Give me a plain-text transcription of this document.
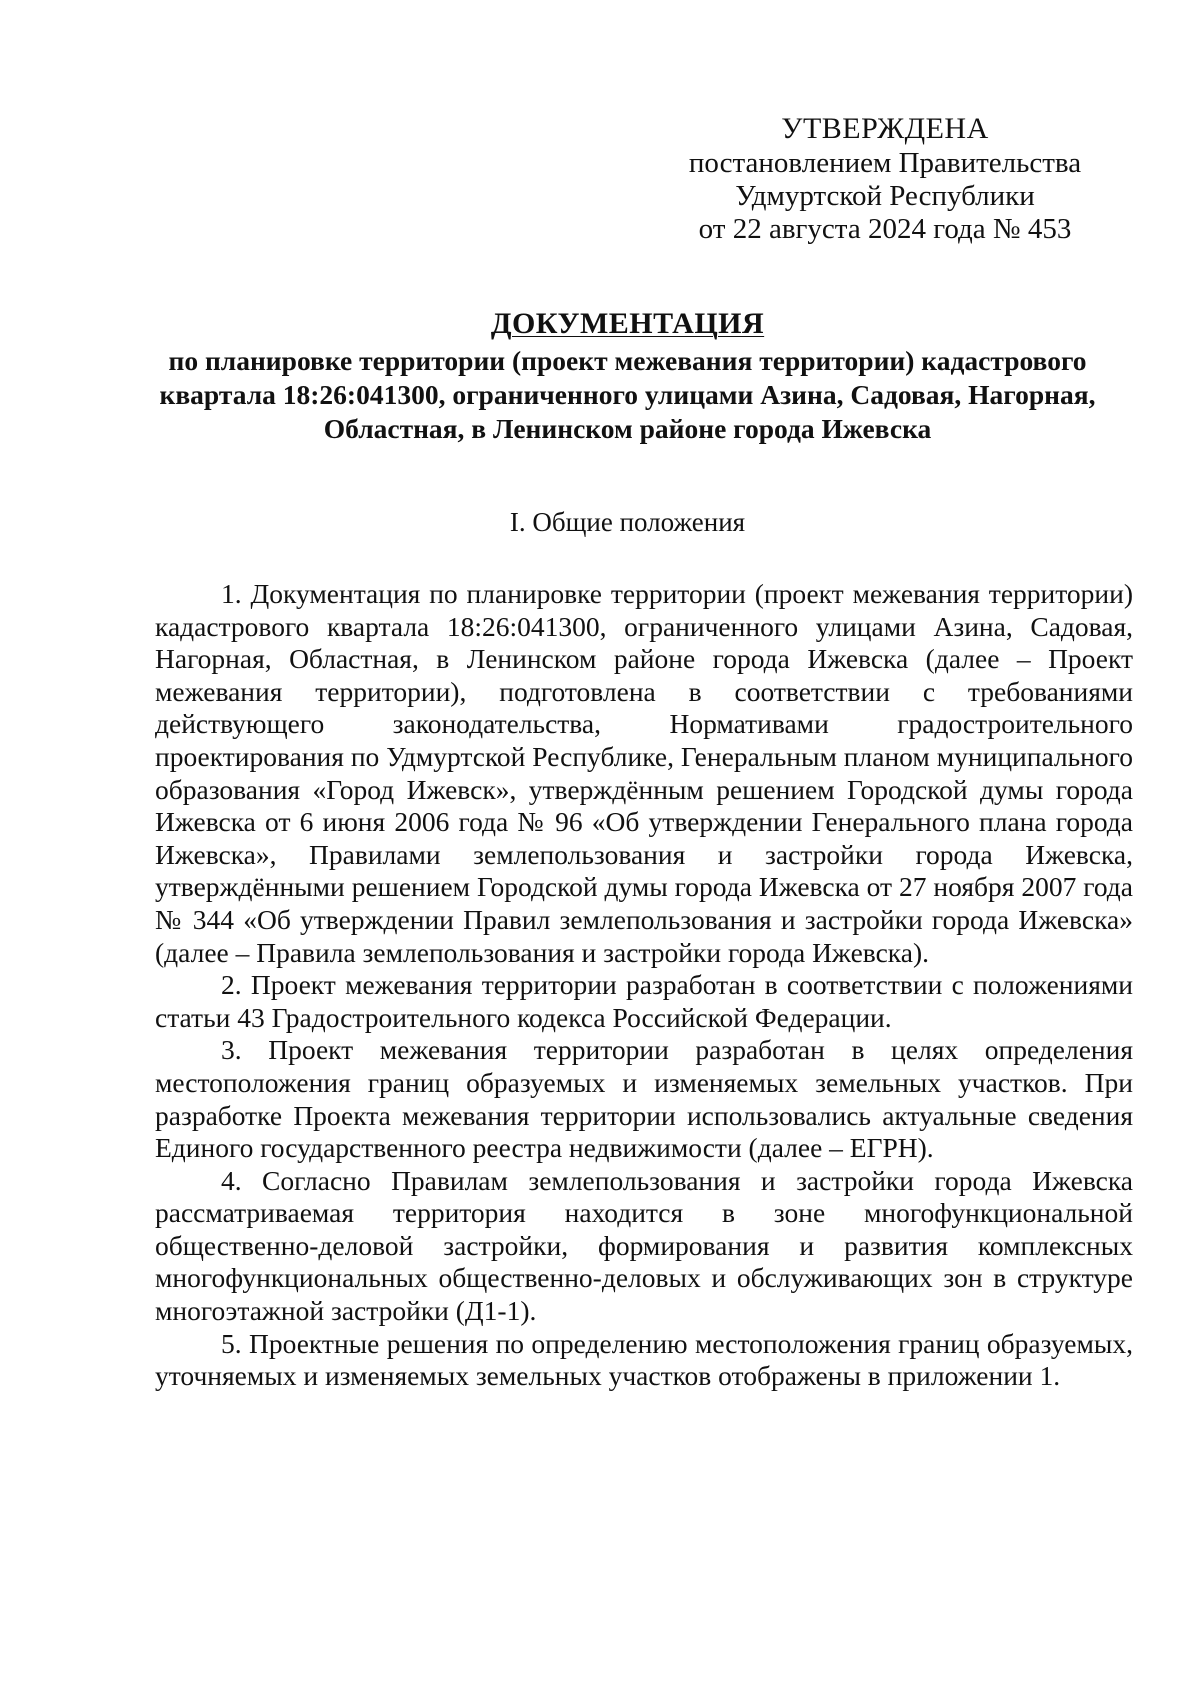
УТВЕРЖДЕНА
постановлением Правительства
Удмуртской Республики
от 22 августа 2024 года № 453
ДОКУМЕНТАЦИЯ
по планировке территории (проект межевания территории) кадастрового квартала 18:26:041300, ограниченного улицами Азина, Садовая, Нагорная, Областная, в Ленинском районе города Ижевска
I. Общие положения

1. Документация по планировке территории (проект межевания территории) кадастрового квартала 18:26:041300, ограниченного улицами Азина, Садовая, Нагорная, Областная, в Ленинском районе города Ижевска (далее – Проект межевания территории), подготовлена в соответствии с требованиями действующего законодательства, Нормативами градостроительного проектирования по Удмуртской Республике, Генеральным планом муниципального образования «Город Ижевск», утверждённым решением Городской думы города Ижевска от 6 июня 2006 года № 96 «Об утверждении Генерального плана города Ижевска», Правилами землепользования и застройки города Ижевска, утверждёнными решением Городской думы города Ижевска от 27 ноября 2007 года № 344 «Об утверждении Правил землепользования и застройки города Ижевска» (далее – Правила землепользования и застройки города Ижевска).

2. Проект межевания территории разработан в соответствии с положениями статьи 43 Градостроительного кодекса Российской Федерации.

3. Проект межевания территории разработан в целях определения местоположения границ образуемых и изменяемых земельных участков. При разработке Проекта межевания территории использовались актуальные сведения Единого государственного реестра недвижимости (далее – ЕГРН).

4. Согласно Правилам землепользования и застройки города Ижевска рассматриваемая территория находится в зоне многофункциональной общественно-деловой застройки, формирования и развития комплексных многофункциональных общественно-деловых и обслуживающих зон в структуре многоэтажной застройки (Д1-1).

5. Проектные решения по определению местоположения границ образуемых, уточняемых и изменяемых земельных участков отображены в приложении 1.
